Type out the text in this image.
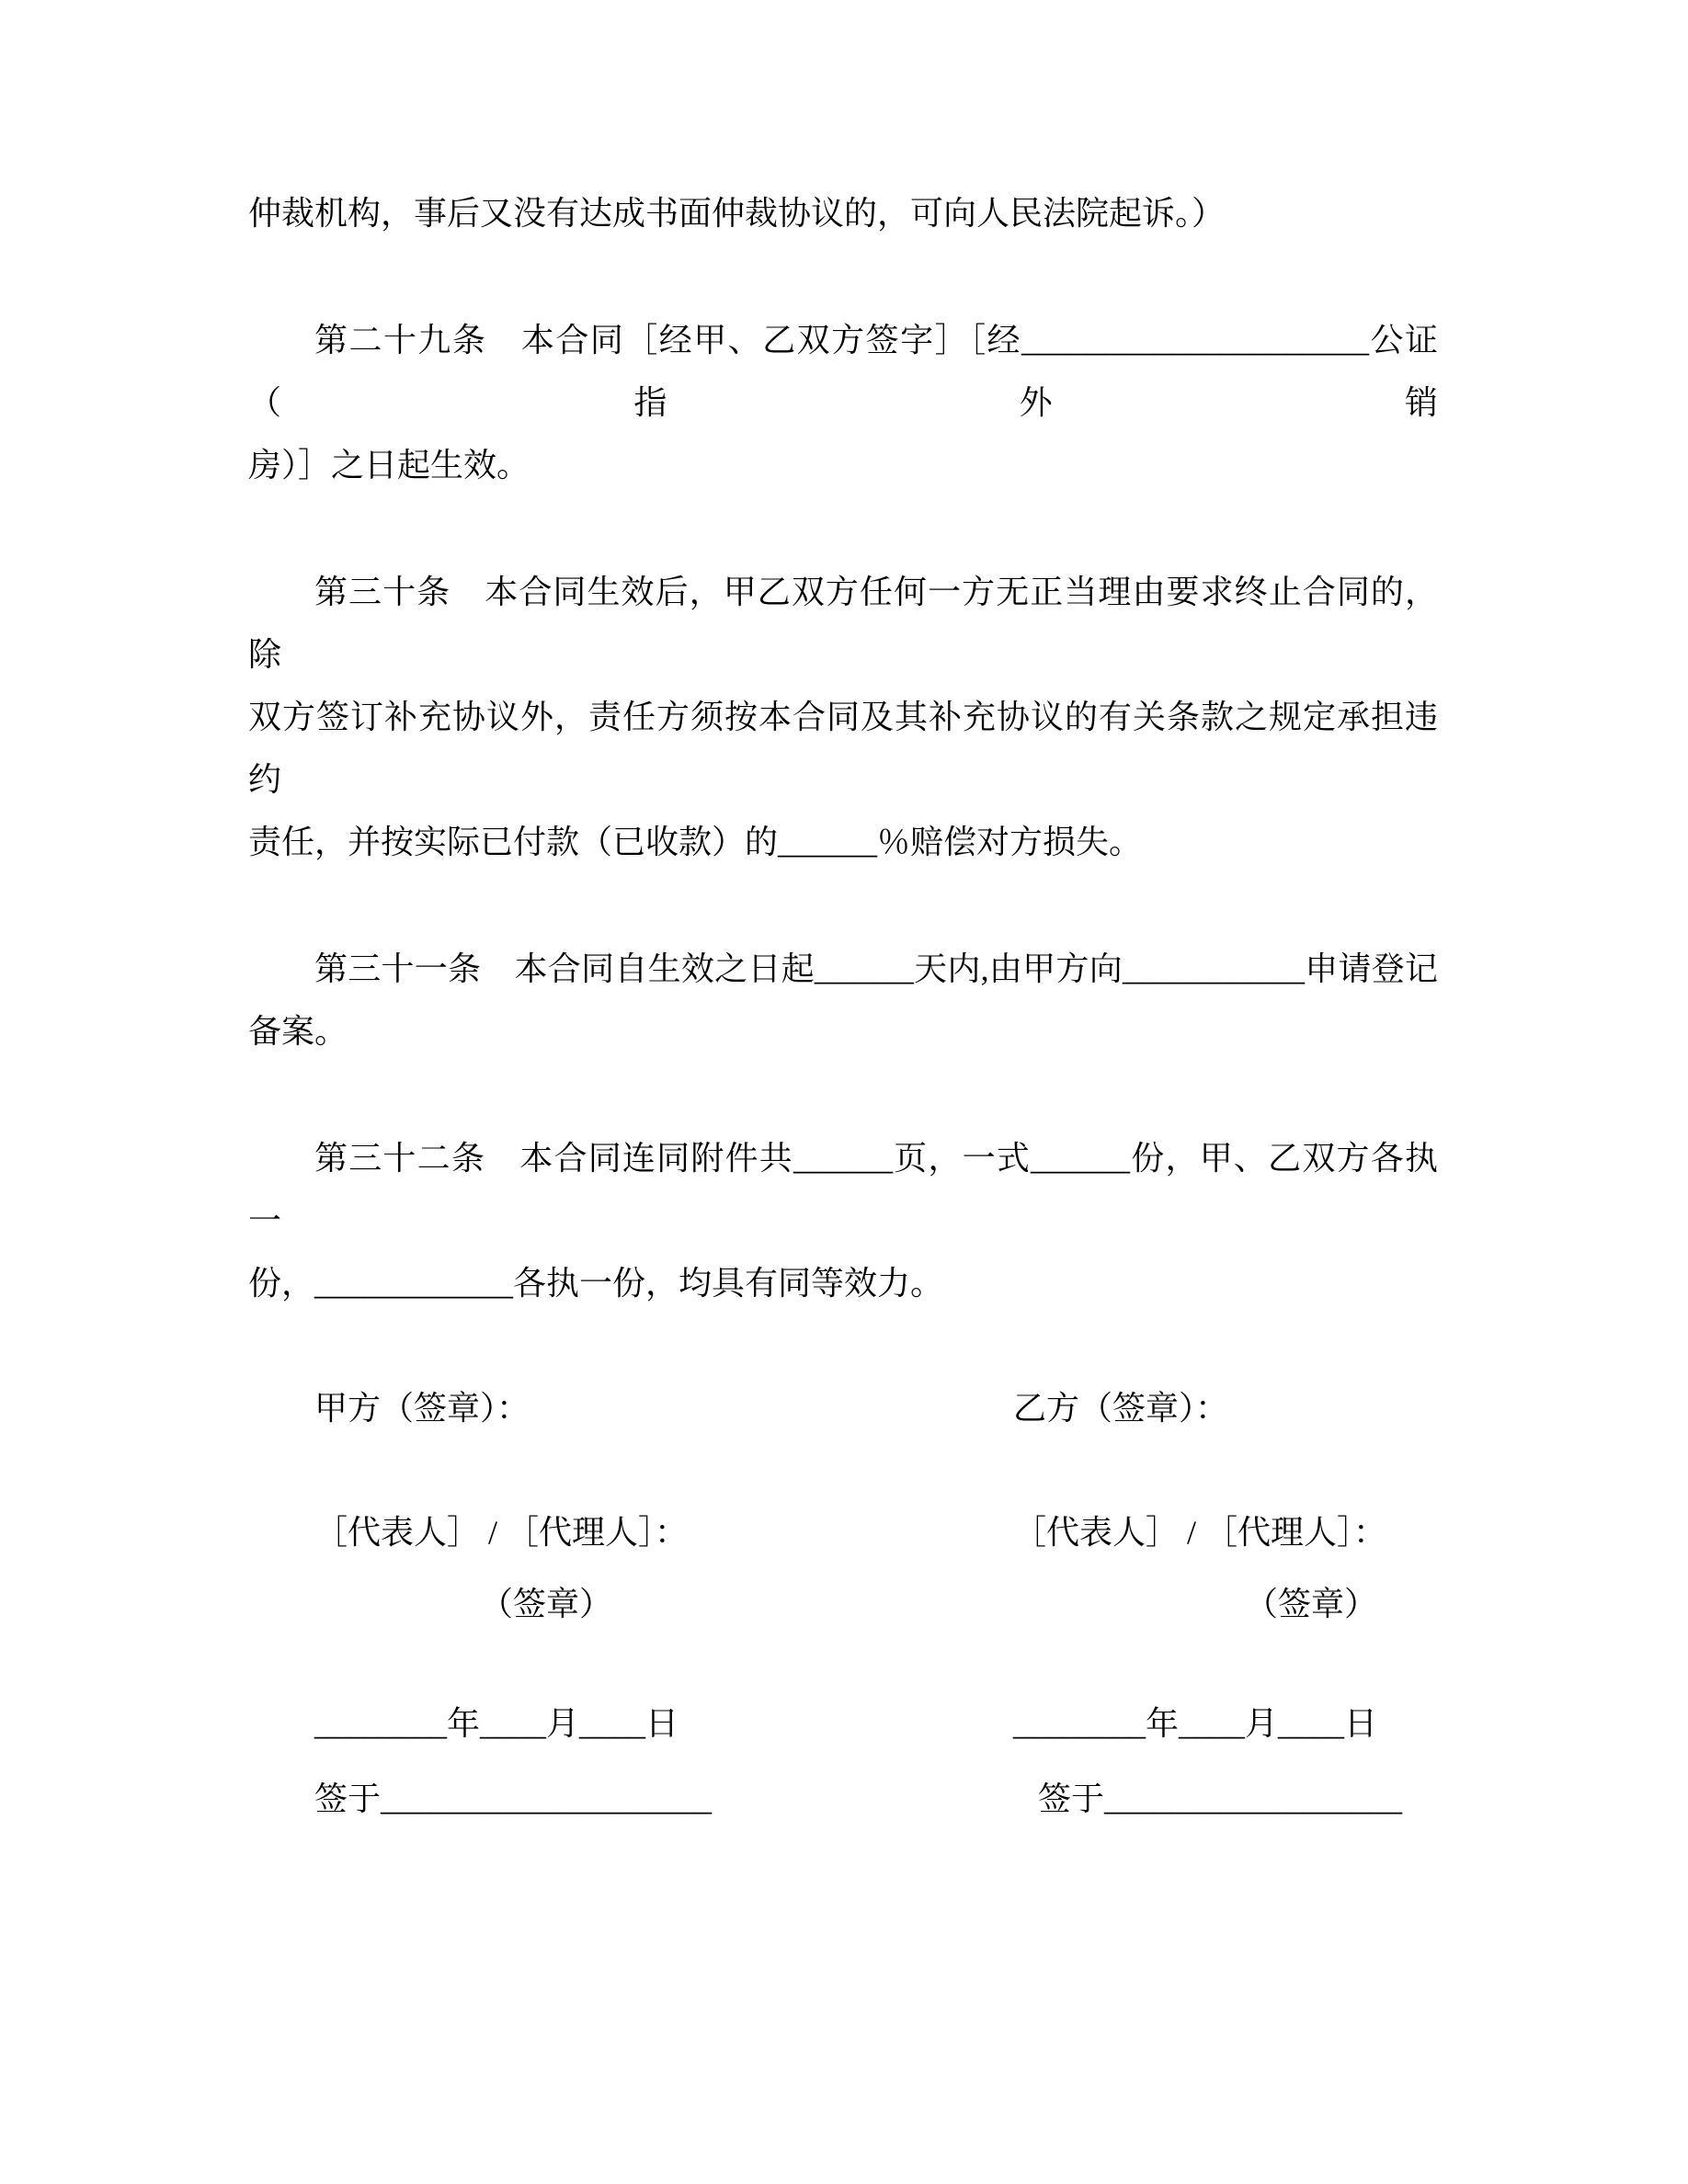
仲裁机构，事后又没有达成书面仲裁协议的，可向人民法院起诉。）

第二十九条　本合同［经甲、乙双方签字］［经_____________________公证（指外销

房）］之日起生效。

第三十条　本合同生效后，甲乙双方任何一方无正当理由要求终止合同的，除

双方签订补充协议外，责任方须按本合同及其补充协议的有关条款之规定承担违约

责任，并按实际已付款（已收款）的______％赔偿对方损失。

第三十一条　本合同自生效之日起______天内,由甲方向___________申请登记

备案。

第三十二条　本合同连同附件共______页，一式______份，甲、乙双方各执一

份，____________各执一份，均具有同等效力。

甲方（签章）：	乙方（签章）：
［代表人］ / ［代理人］：	［代表人］ / ［代理人］：
（签章）	（签章）
________年____月____日	________年____月____日
签于____________________	签于__________________
